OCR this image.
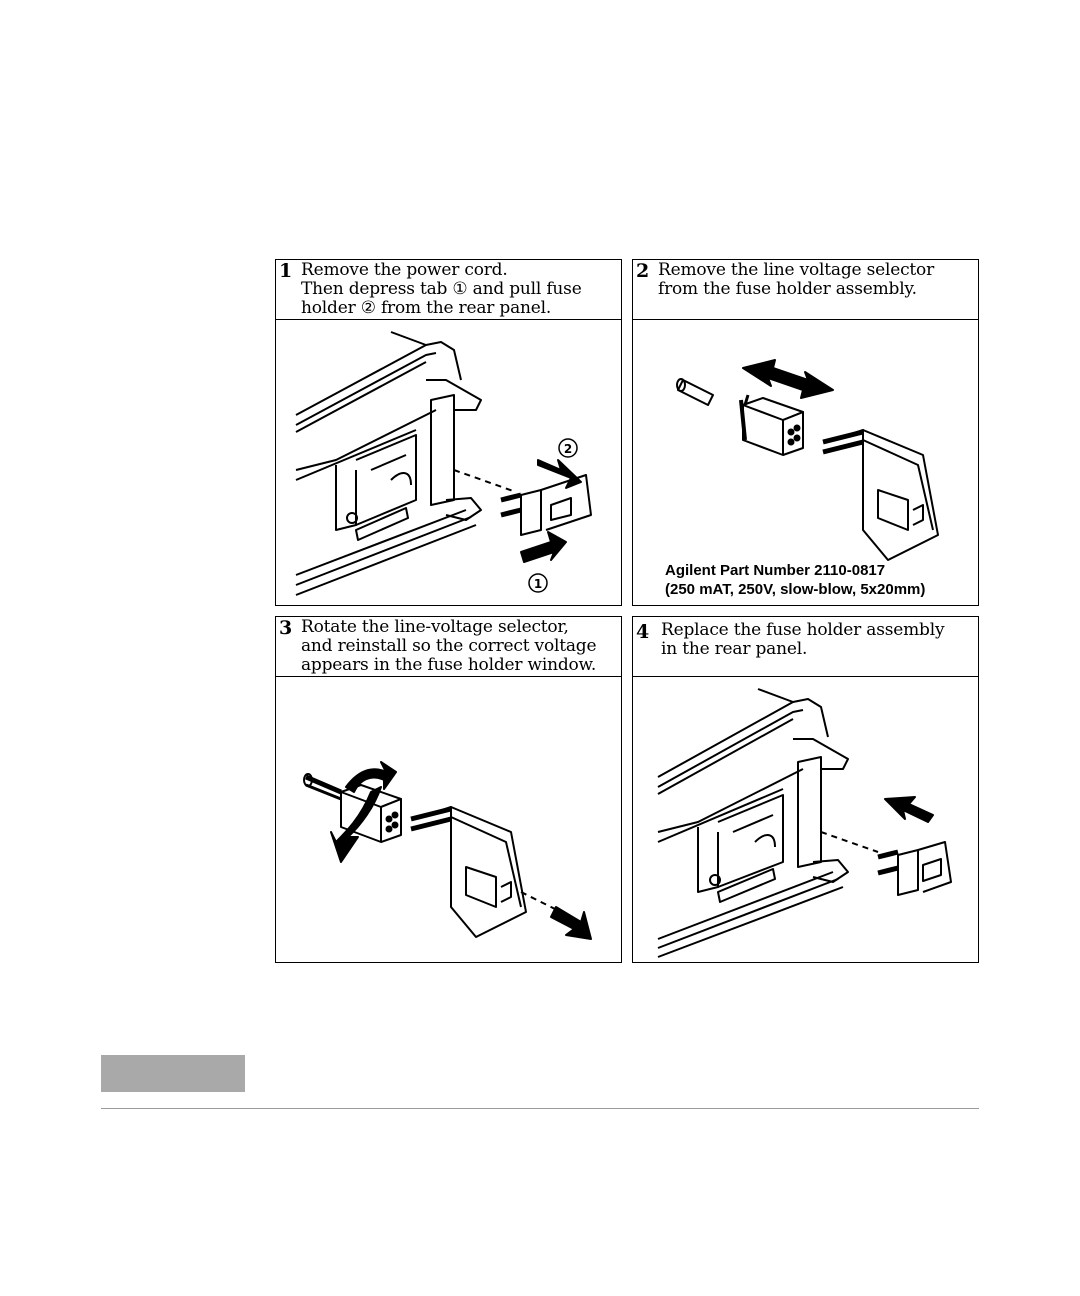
1 Remove the power cord.
Then depress tab ① and pull fuse
holder ② from the rear panel.
2
1
2 Remove the line voltage selector
from the fuse holder assembly.
Agilent Part Number 2110-0817
(250 mAT, 250V, slow-blow, 5x20mm)
3 Rotate the line-voltage selector,
and reinstall so the correct voltage
appears in the fuse holder window.
4 Replace the fuse holder assembly
in the rear panel.
